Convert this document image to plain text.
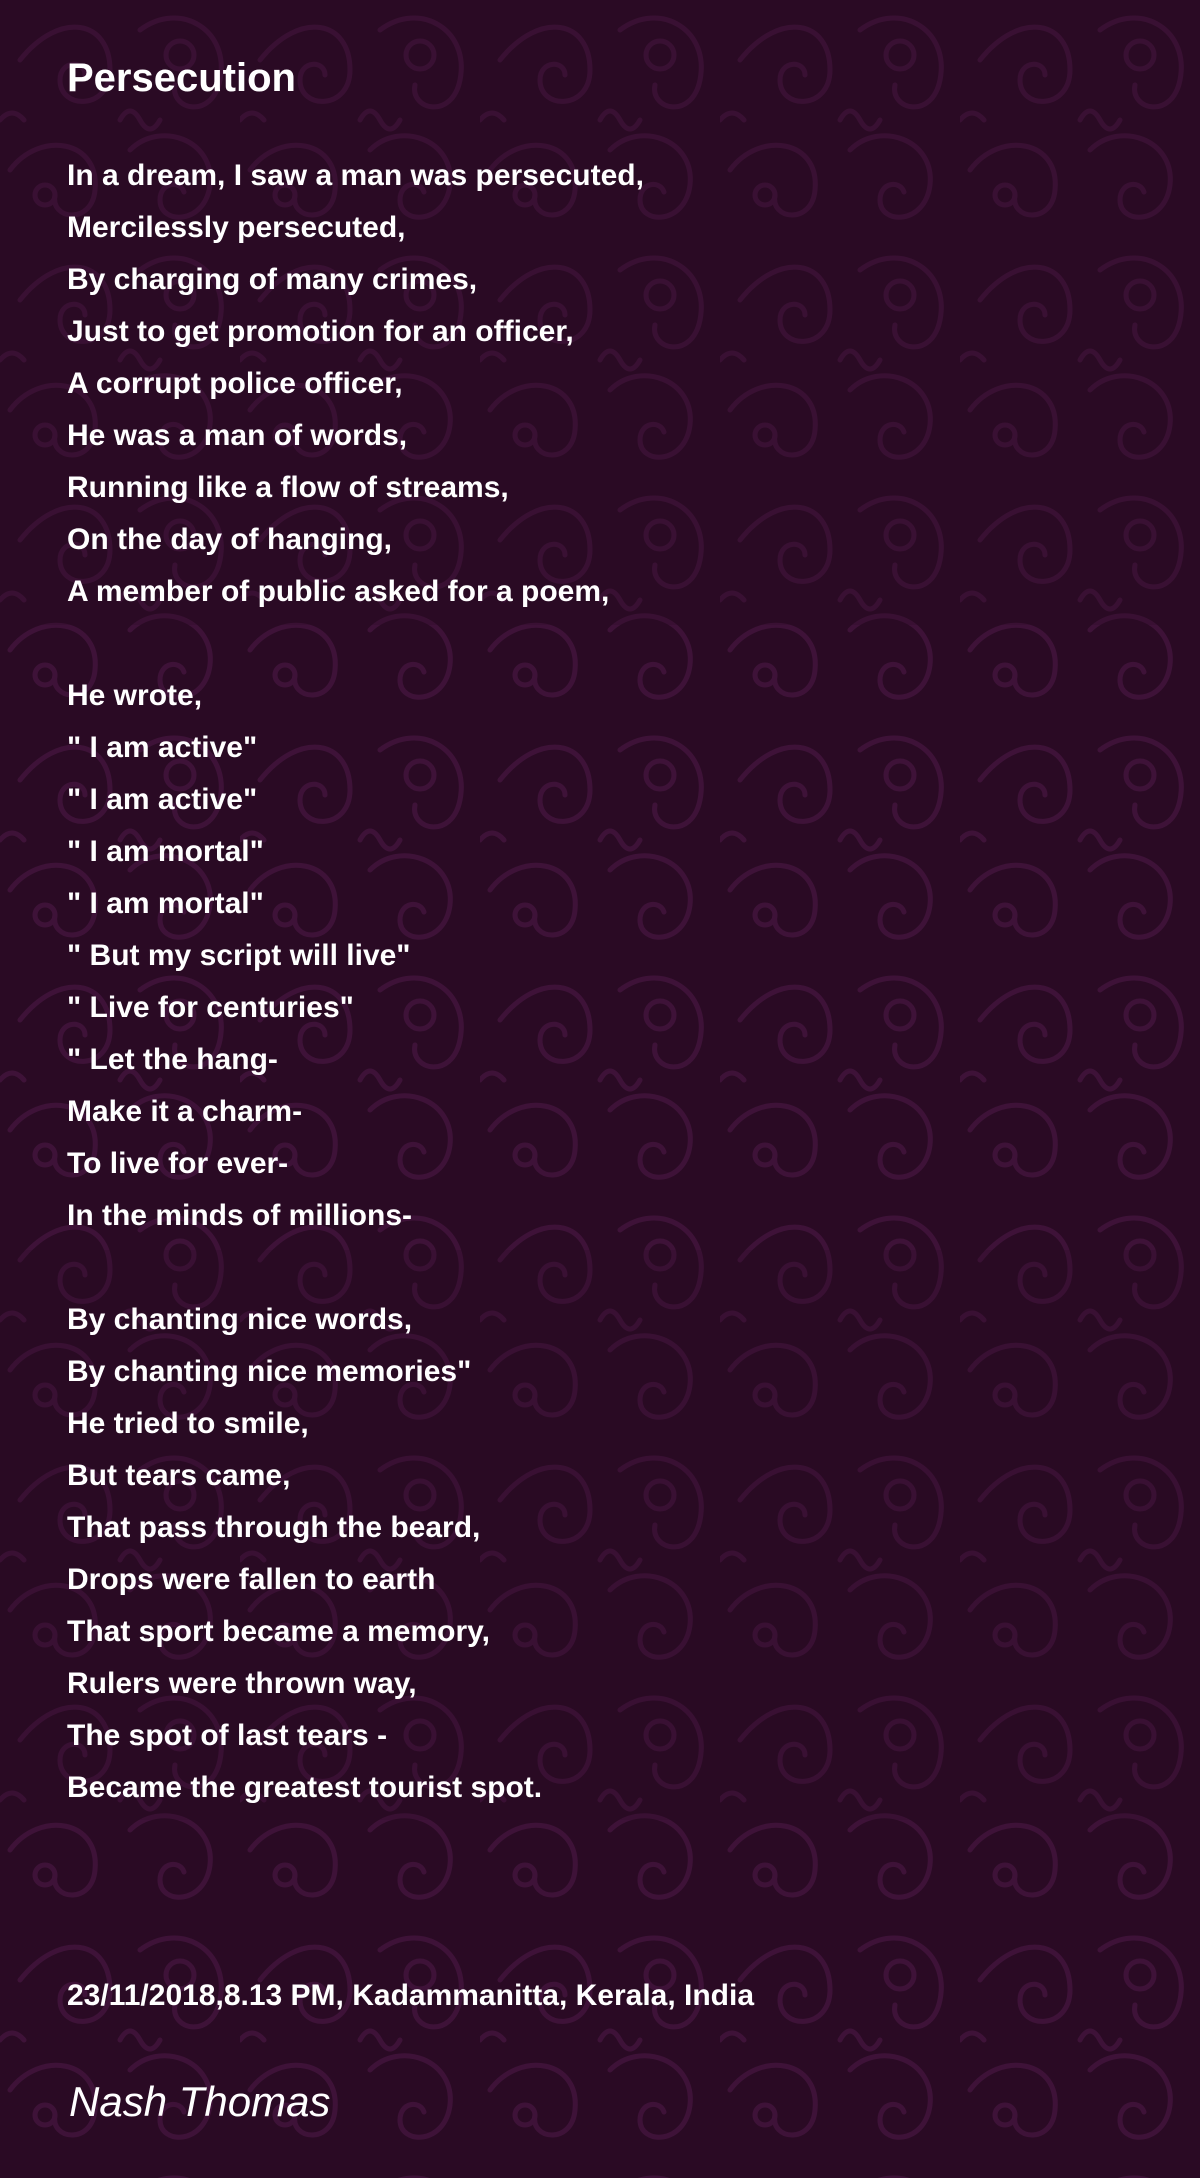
Persecution
In a dream, I saw a man was persecuted,
Mercilessly persecuted,
By charging of many crimes,
Just to get promotion for an officer,
A corrupt police officer,
He was a man of words,
Running like a flow of streams,
On the day of hanging,
A member of public asked for a poem,
He wrote,
" I am active"
" I am active"
" I am mortal"
" I am mortal"
" But my script will live"
" Live for centuries"
" Let the hang-
Make it a charm-
To live for ever-
In the minds of millions-
By chanting nice words,
By chanting nice memories"
He tried to smile,
But tears came,
That pass through the beard,
Drops were fallen to earth
That sport became a memory,
Rulers were thrown way,
The spot of last tears -
Became the greatest tourist spot.
23/11/2018,8.13 PM, Kadammanitta, Kerala, India
Nash Thomas
